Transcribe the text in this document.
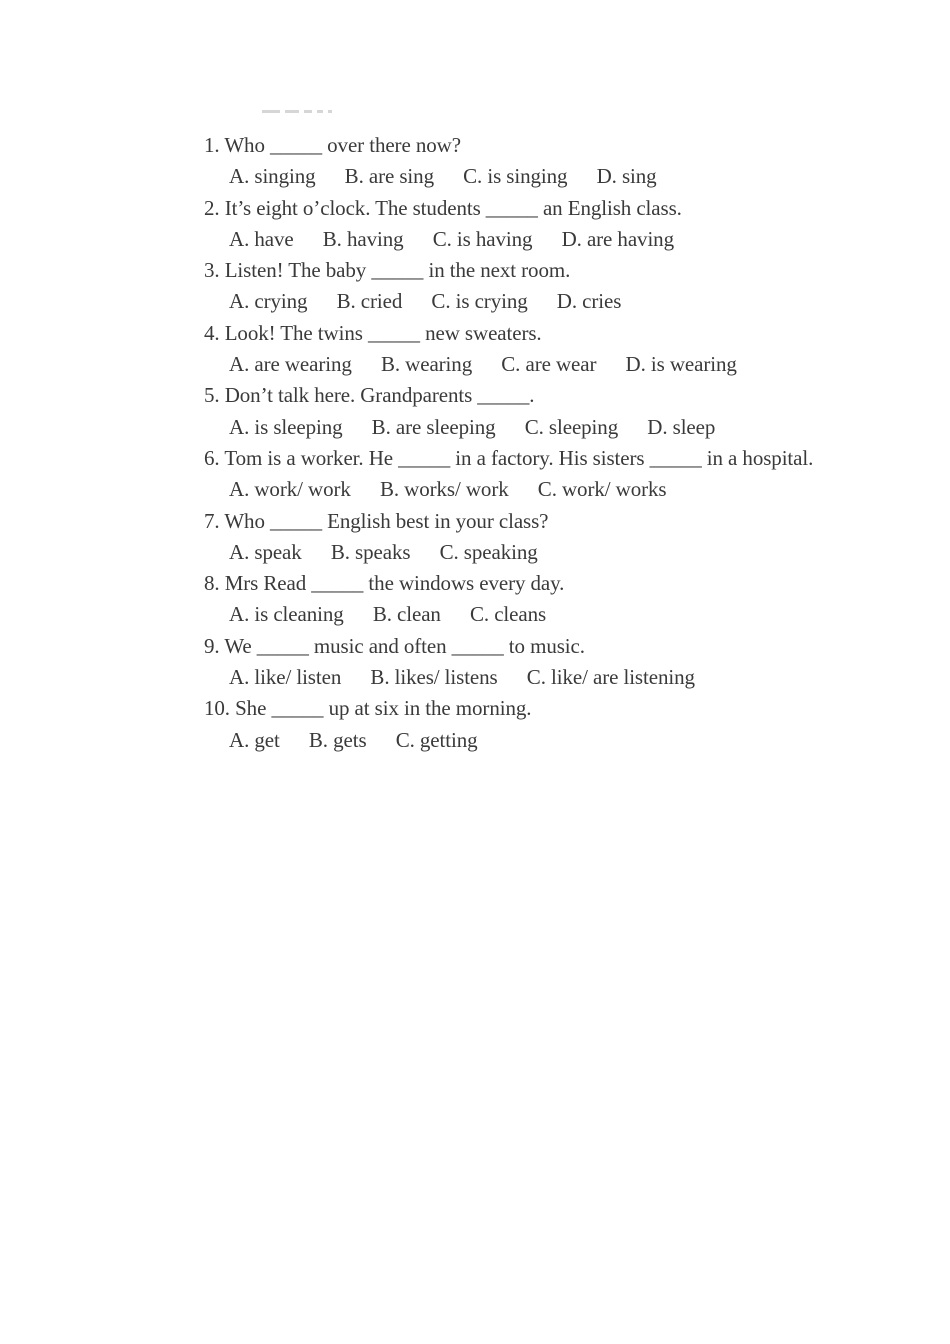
1. Who _____ over there now?
A. singing B. are sing C. is singing D. sing
2. It’s eight o’clock. The students _____ an English class.
A. have B. having C. is having D. are having
3. Listen! The baby _____ in the next room.
A. crying B. cried C. is crying D. cries
4. Look! The twins _____ new sweaters.
A. are wearing B. wearing C. are wear D. is wearing
5. Don’t talk here. Grandparents _____.
A. is sleeping B. are sleeping C. sleeping D. sleep
6. Tom is a worker. He _____ in a factory. His sisters _____ in a hospital.
A. work/ work B. works/ work C. work/ works
7. Who _____ English best in your class?
A. speak B. speaks C. speaking
8. Mrs Read _____ the windows every day.
A. is cleaning B. clean C. cleans
9. We _____ music and often _____ to music.
A. like/ listen B. likes/ listens C. like/ are listening
10. She _____ up at six in the morning.
A. get B. gets C. getting
